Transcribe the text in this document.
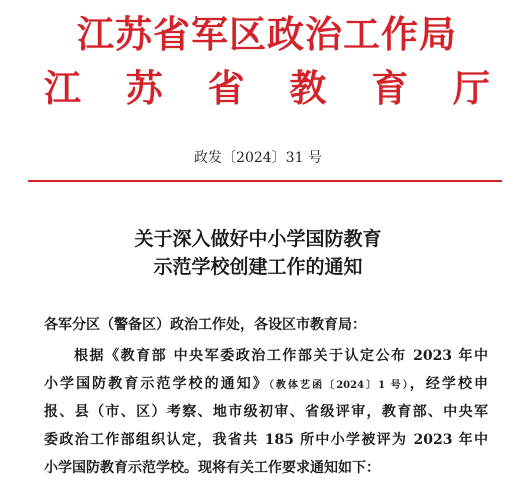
江苏省军区政治工作局
江苏省教育厅
政发〔2024〕31 号
关于深入做好中小学国防教育
示范学校创建工作的通知
各军分区（警备区）政治工作处，各设区市教育局：
根据《教育部 中央军委政治工作部关于认定公布 2023 年中
小学国防教育示范学校的通知》（教体艺函〔2024〕1 号），经学校申
报、县（市、区）考察、地市级初审、省级评审，教育部、中央军
委政治工作部组织认定，我省共 185 所中小学被评为 2023 年中
小学国防教育示范学校。现将有关工作要求通知如下：
